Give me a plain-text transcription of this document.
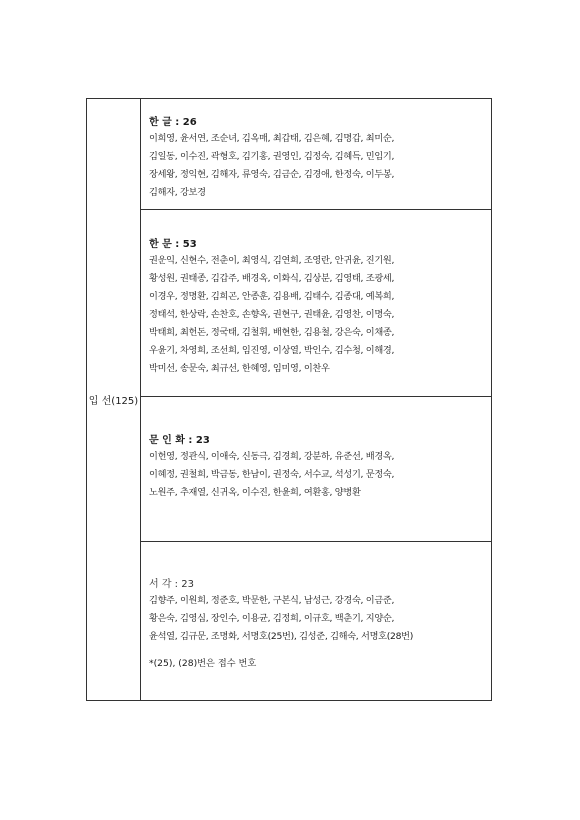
입 선(125)
한 글 : 26
이희영, 윤서연, 조순녀, 김옥매, 최갑태, 김은혜, 김명갑, 최미순,
김일동, 이수진, 곽형호, 김기홍, 권영인, 김정숙, 김혜득, 민임기,
장세왕, 정익현, 김해자, 류영숙, 김금순, 김경애, 한정숙, 이두봉,
김해자, 강보경
한 문 : 53
권운익, 신현수, 전춘이, 최영식, 김연희, 조영란, 안귀윤, 진기원,
황성원, 권태종, 김갑주, 배경옥, 이화식, 김상분, 김영태, 조광세,
이경우, 정명환, 김희곤, 안종훈, 김용배, 김태수, 김종대, 예복희,
정태석, 한상락, 손찬호, 손향옥, 권현구, 권태윤, 김영찬, 이명숙,
박태희, 최헌돈, 정국태, 김철휘, 배현한, 김용철, 강은숙, 이채종,
우윤기, 차영희, 조선희, 임진영, 이상열, 박인수, 김수청, 이해경,
박미선, 송문숙, 최규선, 한혜영, 임미영, 이찬우
문 인 화 : 23
이헌영, 정관식, 이애숙, 신동극, 김경희, 강분하, 유준선, 배경옥,
이혜정, 권철희, 박금동, 한남이, 권정숙, 서수교, 석성기, 문정숙,
노원주, 추재열, 신귀옥, 이수진, 한윤희, 여환홍, 양병환
서 각 : 23
김향주, 이원희, 정준호, 박문한, 구본식, 남성근, 강경숙, 이금준,
황은숙, 김영심, 장인수, 이용균, 김정희, 이규호, 백춘기, 지양순,
윤석열, 김규문, 조명화, 서명호(25번), 김성준, 김해숙, 서명호(28번)
*(25), (28)번은 접수 번호
